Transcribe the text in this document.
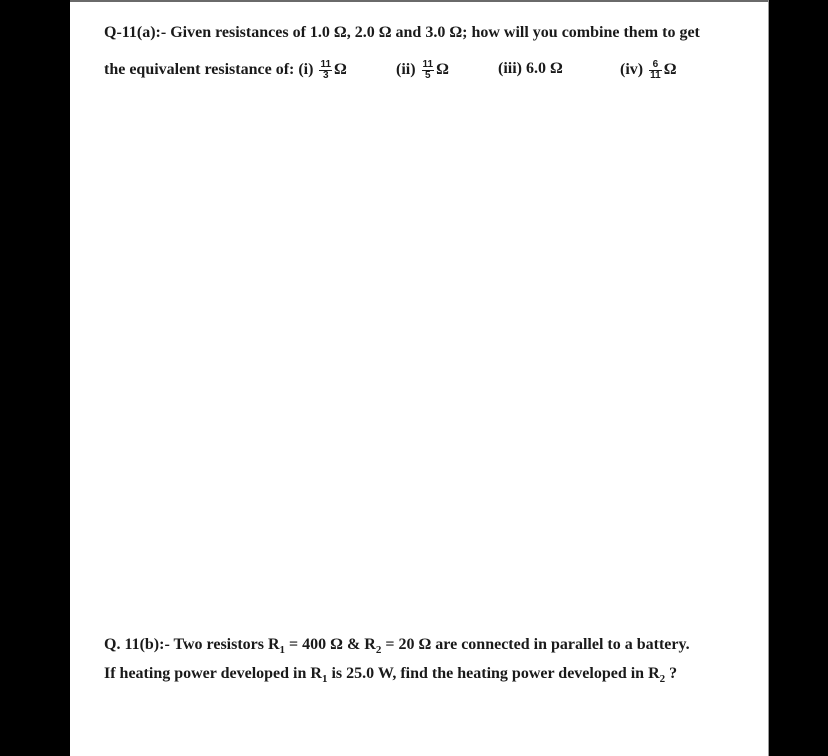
Q-11(a):- Given resistances of 1.0 Ω, 2.0 Ω and 3.0 Ω; how will you combine them to get
the equivalent resistance of: $(i) \frac{11}{3}$ Ω	$(ii) \frac{11}{5}$ Ω	(iii) 6.0 Ω	$(iv) \frac{6}{11}$ Ω
Q. 11(b):- Two resistors $R_1 = 400$ Ω & $R_2 = 20$ Ω are connected in parallel to a battery.
If heating power developed in $R_1$ is 25.0 W, find the heating power developed in $R_2$ ?
